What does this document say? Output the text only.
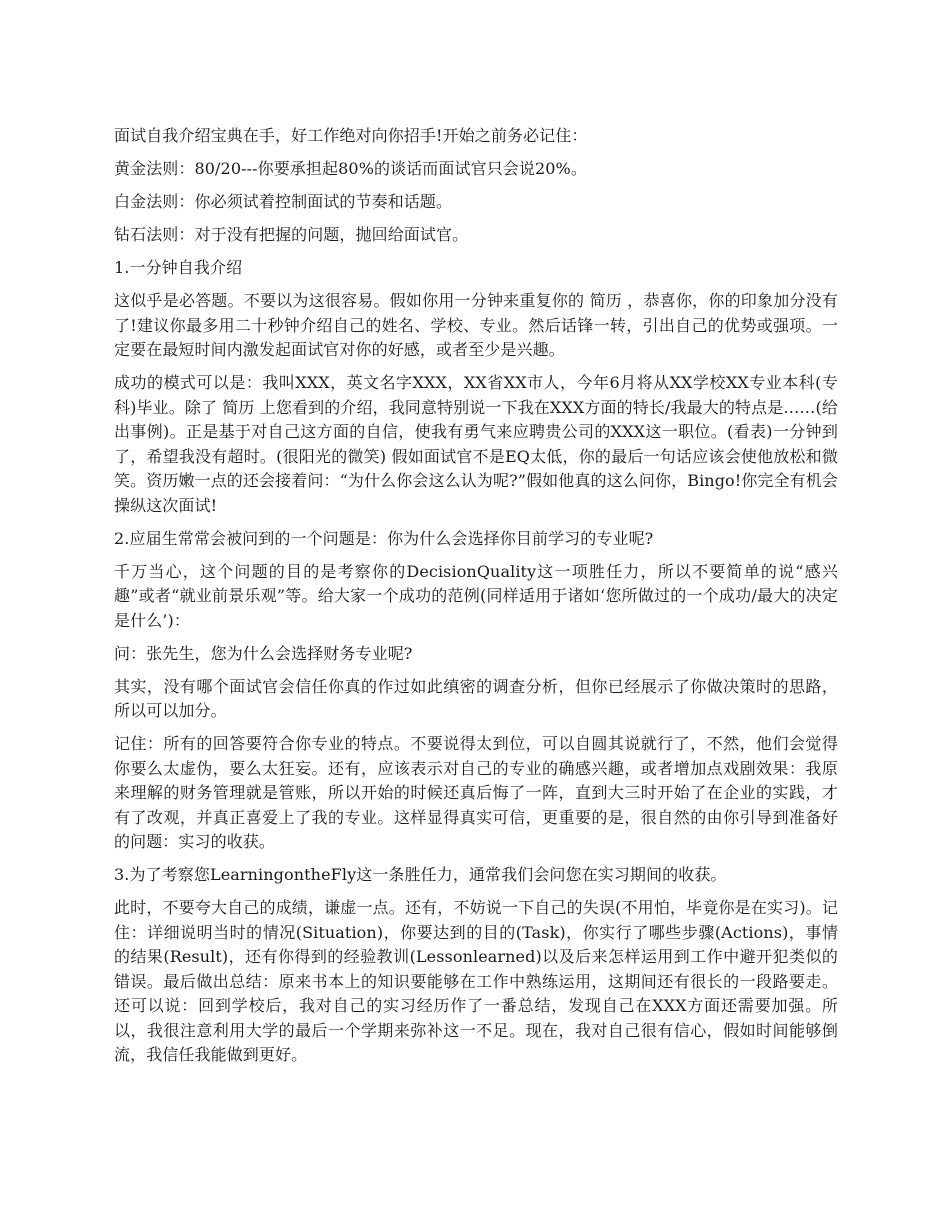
面试自我介绍宝典在手，好工作绝对向你招手!开始之前务必记住：

黄金法则：80/20---你要承担起80%的谈话而面试官只会说20%。

白金法则：你必须试着控制面试的节奏和话题。

钻石法则：对于没有把握的问题，抛回给面试官。

1.一分钟自我介绍

这似乎是必答题。不要以为这很容易。假如你用一分钟来重复你的 简历 ，恭喜你，你的印象加分没有了!建议你最多用二十秒钟介绍自己的姓名、学校、专业。然后话锋一转，引出自己的优势或强项。一定要在最短时间内激发起面试官对你的好感，或者至少是兴趣。

成功的模式可以是：我叫XXX，英文名字XXX，XX省XX市人，今年6月将从XX学校XX专业本科(专科)毕业。除了 简历 上您看到的介绍，我同意特别说一下我在XXX方面的特长/我最大的特点是……(给出事例)。正是基于对自己这方面的自信，使我有勇气来应聘贵公司的XXX这一职位。(看表)一分钟到了，希望我没有超时。(很阳光的微笑) 假如面试官不是EQ太低，你的最后一句话应该会使他放松和微笑。资历嫩一点的还会接着问：“为什么你会这么认为呢?”假如他真的这么问你，Bingo!你完全有机会操纵这次面试!

2.应届生常常会被问到的一个问题是：你为什么会选择你目前学习的专业呢?

千万当心，这个问题的目的是考察你的DecisionQuality这一项胜任力，所以不要简单的说“感兴趣”或者“就业前景乐观”等。给大家一个成功的范例(同样适用于诸如‘您所做过的一个成功/最大的决定是什么’)：

问：张先生，您为什么会选择财务专业呢?

其实，没有哪个面试官会信任你真的作过如此缜密的调查分析，但你已经展示了你做决策时的思路，所以可以加分。

记住：所有的回答要符合你专业的特点。不要说得太到位，可以自圆其说就行了，不然，他们会觉得你要么太虚伪，要么太狂妄。还有，应该表示对自己的专业的确感兴趣，或者增加点戏剧效果：我原来理解的财务管理就是管账，所以开始的时候还真后悔了一阵，直到大三时开始了在企业的实践，才有了改观，并真正喜爱上了我的专业。这样显得真实可信，更重要的是，很自然的由你引导到准备好的问题：实习的收获。

3.为了考察您LearningontheFly这一条胜任力，通常我们会问您在实习期间的收获。

此时，不要夸大自己的成绩，谦虚一点。还有，不妨说一下自己的失误(不用怕，毕竟你是在实习)。记住：详细说明当时的情况(Situation)，你要达到的目的(Task)，你实行了哪些步骤(Actions)，事情的结果(Result)，还有你得到的经验教训(Lessonlearned)以及后来怎样运用到工作中避开犯类似的错误。最后做出总结：原来书本上的知识要能够在工作中熟练运用，这期间还有很长的一段路要走。还可以说：回到学校后，我对自己的实习经历作了一番总结，发现自己在XXX方面还需要加强。所以，我很注意利用大学的最后一个学期来弥补这一不足。现在，我对自己很有信心，假如时间能够倒流，我信任我能做到更好。
